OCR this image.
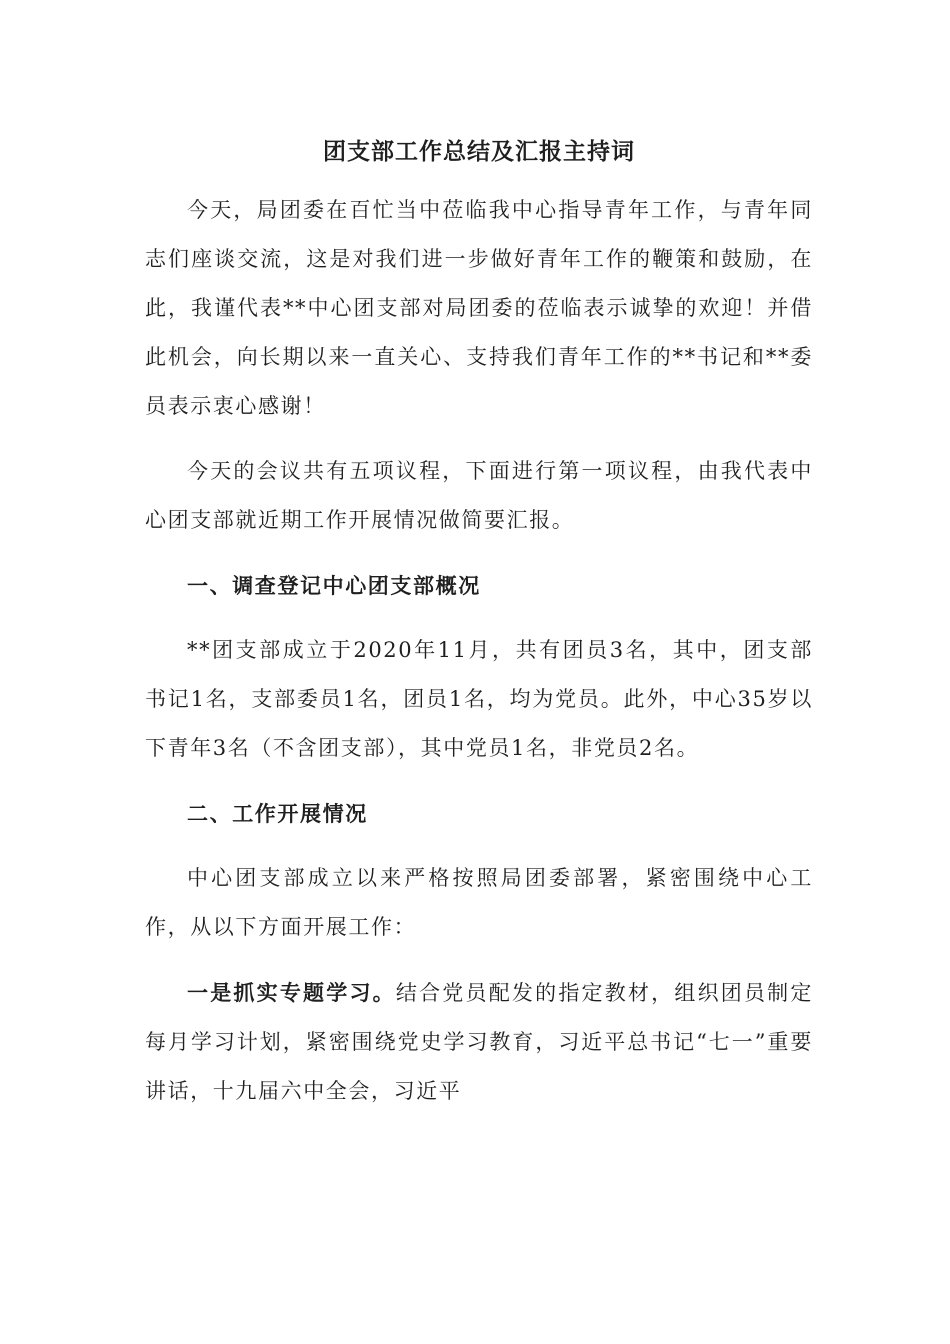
团支部工作总结及汇报主持词

今天，局团委在百忙当中莅临我中心指导青年工作，与青年同志们座谈交流，这是对我们进一步做好青年工作的鞭策和鼓励，在此，我谨代表**中心团支部对局团委的莅临表示诚挚的欢迎！并借此机会，向长期以来一直关心、支持我们青年工作的**书记和**委员表示衷心感谢！

今天的会议共有五项议程，下面进行第一项议程，由我代表中心团支部就近期工作开展情况做简要汇报。

一、调查登记中心团支部概况

**团支部成立于2020年11月，共有团员3名，其中，团支部书记1名，支部委员1名，团员1名，均为党员。此外，中心35岁以下青年3名（不含团支部），其中党员1名，非党员2名。

二、工作开展情况

中心团支部成立以来严格按照局团委部署，紧密围绕中心工作，从以下方面开展工作：

一是抓实专题学习。结合党员配发的指定教材，组织团员制定每月学习计划，紧密围绕党史学习教育，习近平总书记“七一”重要讲话，十九届六中全会，习近平
